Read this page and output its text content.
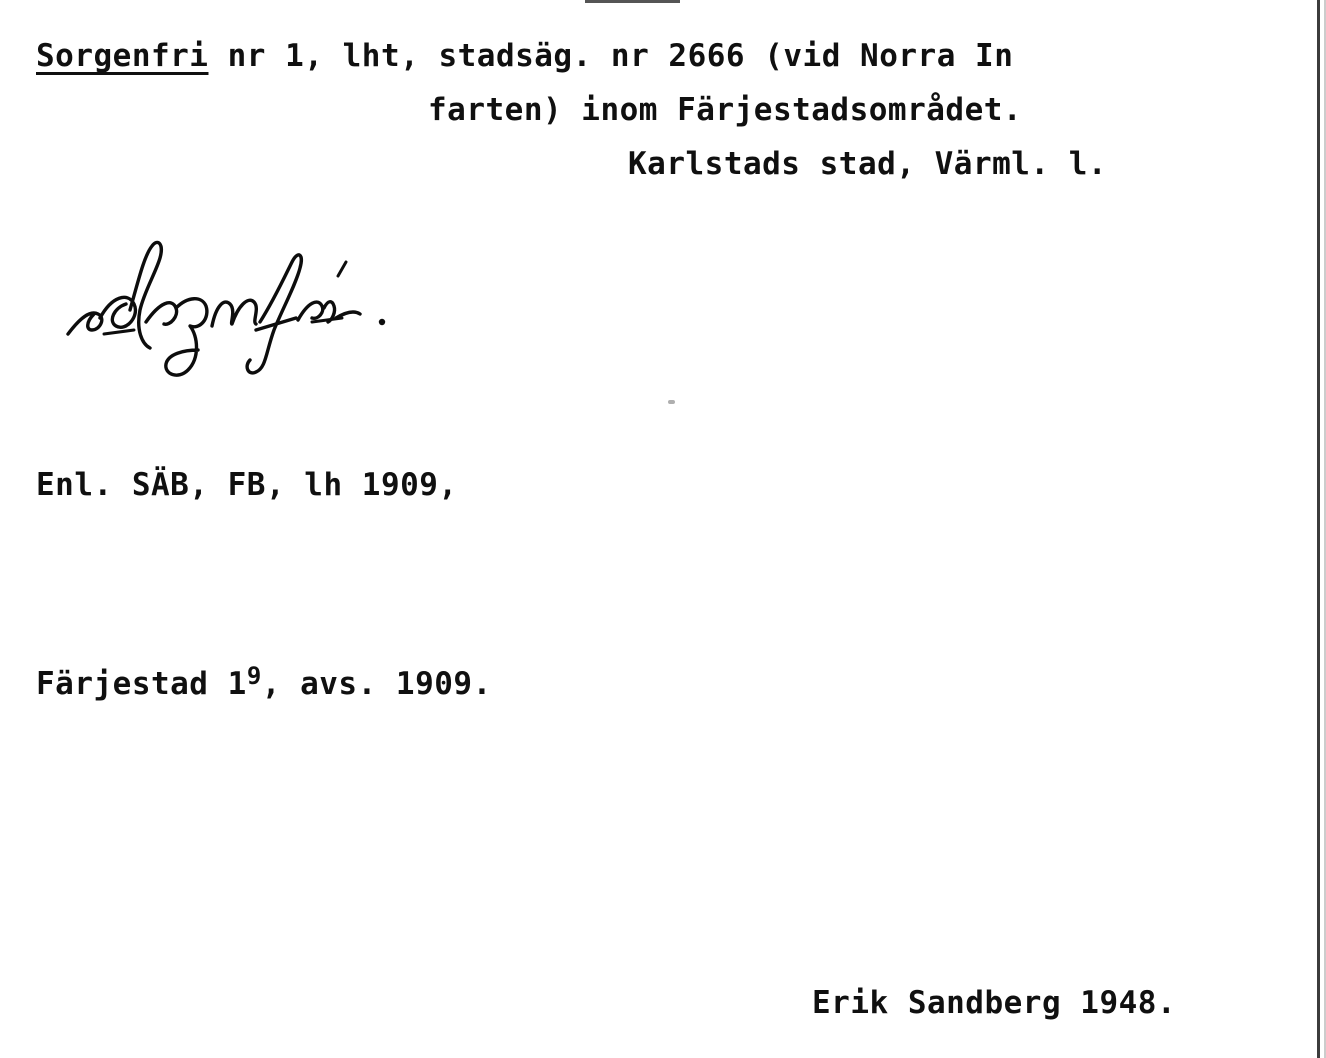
Sorgenfri nr 1, lht, stadsäg. nr 2666 (vid Norra In
farten) inom Färjestadsområdet.
Karlstads stad, Värml. l.
Enl. SÄB, FB, lh 1909,
Färjestad $1^9$, avs. 1909.
Erik Sandberg 1948.
